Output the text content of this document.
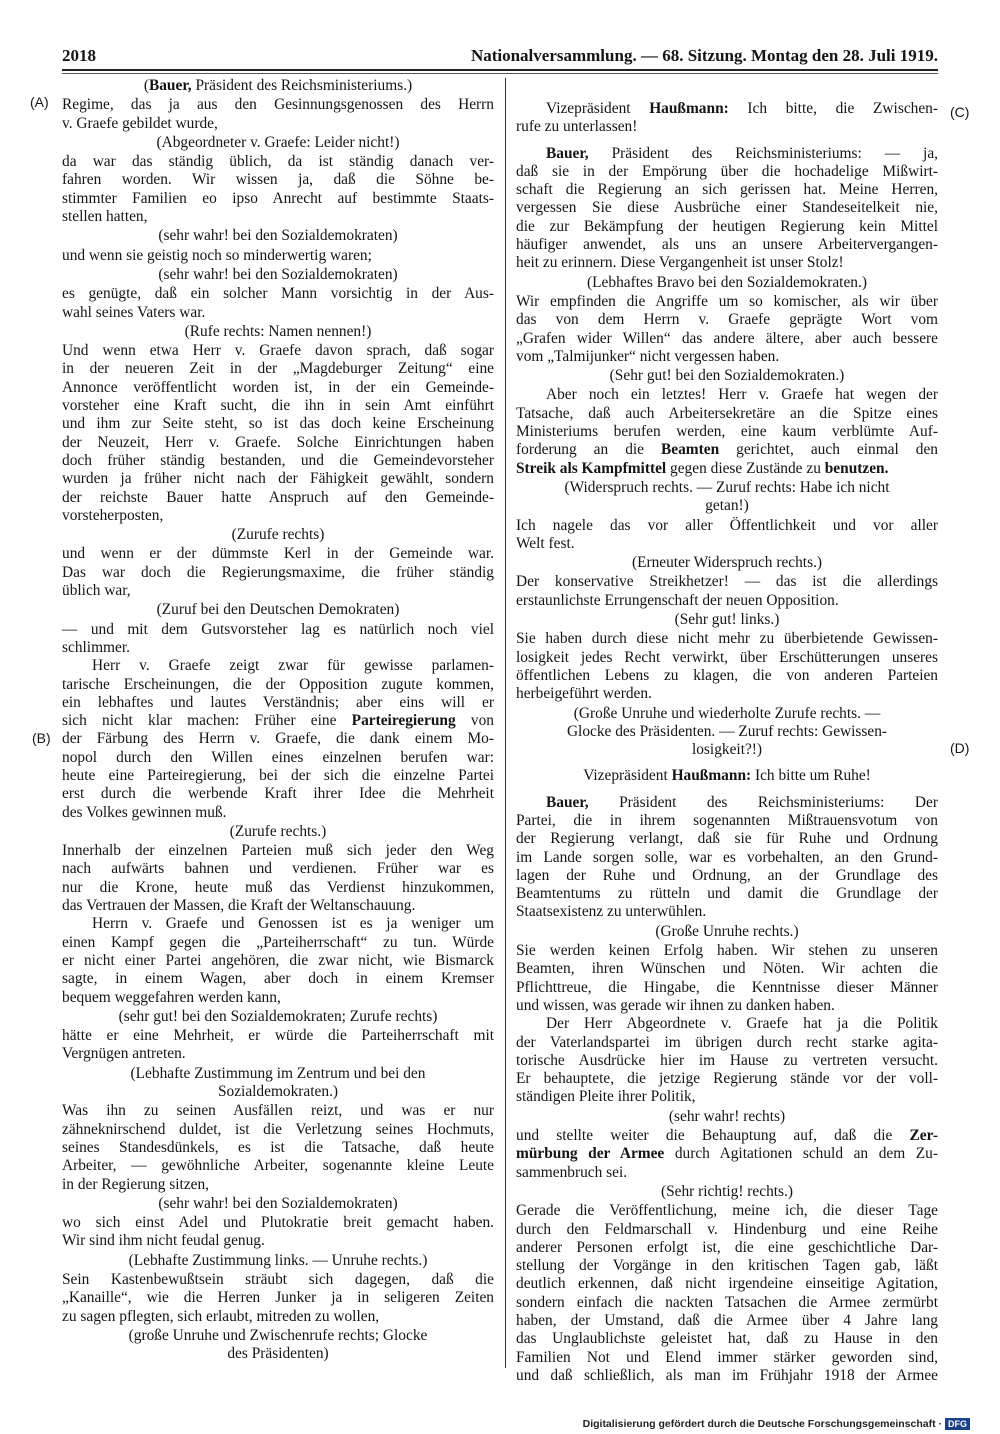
2018	Nationalversammlung. — 68. Sitzung. Montag den 28. Juli 1919.
(A)
(B)
(C)
(D)
(Bauer, Präsident des Reichsministeriums.)
Regime, das ja aus den Gesinnungsgenossen des Herrn
v. Graefe gebildet wurde,
(Abgeordneter v. Graefe: Leider nicht!)
da war das ständig üblich, da ist ständig danach ver-
fahren worden. Wir wissen ja, daß die Söhne be-
stimmter Familien eo ipso Anrecht auf bestimmte Staats-
stellen hatten,
(sehr wahr! bei den Sozialdemokraten)
und wenn sie geistig noch so minderwertig waren;
(sehr wahr! bei den Sozialdemokraten)
es genügte, daß ein solcher Mann vorsichtig in der Aus-
wahl seines Vaters war.
(Rufe rechts: Namen nennen!)
Und wenn etwa Herr v. Graefe davon sprach, daß sogar
in der neueren Zeit in der „Magdeburger Zeitung“ eine
Annonce veröffentlicht worden ist, in der ein Gemeinde-
vorsteher eine Kraft sucht, die ihn in sein Amt einführt
und ihm zur Seite steht, so ist das doch keine Erscheinung
der Neuzeit, Herr v. Graefe. Solche Einrichtungen haben
doch früher ständig bestanden, und die Gemeindevorsteher
wurden ja früher nicht nach der Fähigkeit gewählt, sondern
der reichste Bauer hatte Anspruch auf den Gemeinde-
vorsteherposten,
(Zurufe rechts)
und wenn er der dümmste Kerl in der Gemeinde war.
Das war doch die Regierungsmaxime, die früher ständig
üblich war,
(Zuruf bei den Deutschen Demokraten)
— und mit dem Gutsvorsteher lag es natürlich noch viel
schlimmer.
Herr v. Graefe zeigt zwar für gewisse parlamen-
tarische Erscheinungen, die der Opposition zugute kommen,
ein lebhaftes und lautes Verständnis; aber eins will er
sich nicht klar machen: Früher eine Parteiregierung von
der Färbung des Herrn v. Graefe, die dank einem Mo-
nopol durch den Willen eines einzelnen berufen war:
heute eine Parteiregierung, bei der sich die einzelne Partei
erst durch die werbende Kraft ihrer Idee die Mehrheit
des Volkes gewinnen muß.
(Zurufe rechts.)
Innerhalb der einzelnen Parteien muß sich jeder den Weg
nach aufwärts bahnen und verdienen. Früher war es
nur die Krone, heute muß das Verdienst hinzukommen,
das Vertrauen der Massen, die Kraft der Weltanschauung.
Herrn v. Graefe und Genossen ist es ja weniger um
einen Kampf gegen die „Parteiherrschaft“ zu tun. Würde
er nicht einer Partei angehören, die zwar nicht, wie Bismarck
sagte, in einem Wagen, aber doch in einem Kremser
bequem weggefahren werden kann,
(sehr gut! bei den Sozialdemokraten; Zurufe rechts)
hätte er eine Mehrheit, er würde die Parteiherrschaft mit
Vergnügen antreten.
(Lebhafte Zustimmung im Zentrum und bei den
Sozialdemokraten.)
Was ihn zu seinen Ausfällen reizt, und was er nur
zähneknirschend duldet, ist die Verletzung seines Hochmuts,
seines Standesdünkels, es ist die Tatsache, daß heute
Arbeiter, — gewöhnliche Arbeiter, sogenannte kleine Leute
in der Regierung sitzen,
(sehr wahr! bei den Sozialdemokraten)
wo sich einst Adel und Plutokratie breit gemacht haben.
Wir sind ihm nicht feudal genug.
(Lebhafte Zustimmung links. — Unruhe rechts.)
Sein Kastenbewußtsein sträubt sich dagegen, daß die
„Kanaille“, wie die Herren Junker ja in seligeren Zeiten
zu sagen pflegten, sich erlaubt, mitreden zu wollen,
(große Unruhe und Zwischenrufe rechts; Glocke
des Präsidenten)
Vizepräsident Haußmann: Ich bitte, die Zwischen-
rufe zu unterlassen!
Bauer, Präsident des Reichsministeriums: — ja,
daß sie in der Empörung über die hochadelige Mißwirt-
schaft die Regierung an sich gerissen hat. Meine Herren,
vergessen Sie diese Ausbrüche einer Standeseitelkeit nie,
die zur Bekämpfung der heutigen Regierung kein Mittel
häufiger anwendet, als uns an unsere Arbeitervergangen-
heit zu erinnern. Diese Vergangenheit ist unser Stolz!
(Lebhaftes Bravo bei den Sozialdemokraten.)
Wir empfinden die Angriffe um so komischer, als wir über
das von dem Herrn v. Graefe geprägte Wort vom
„Grafen wider Willen“ das andere ältere, aber auch bessere
vom „Talmijunker“ nicht vergessen haben.
(Sehr gut! bei den Sozialdemokraten.)
Aber noch ein letztes! Herr v. Graefe hat wegen der
Tatsache, daß auch Arbeitersekretäre an die Spitze eines
Ministeriums berufen werden, eine kaum verblümte Auf-
forderung an die Beamten gerichtet, auch einmal den
Streik als Kampfmittel gegen diese Zustände zu benutzen.
(Widerspruch rechts. — Zuruf rechts: Habe ich nicht
getan!)
Ich nagele das vor aller Öffentlichkeit und vor aller
Welt fest.
(Erneuter Widerspruch rechts.)
Der konservative Streikhetzer! — das ist die allerdings
erstaunlichste Errungenschaft der neuen Opposition.
(Sehr gut! links.)
Sie haben durch diese nicht mehr zu überbietende Gewissen-
losigkeit jedes Recht verwirkt, über Erschütterungen unseres
öffentlichen Lebens zu klagen, die von anderen Parteien
herbeigeführt werden.
(Große Unruhe und wiederholte Zurufe rechts. —
Glocke des Präsidenten. — Zuruf rechts: Gewissen-
losigkeit?!)
Vizepräsident Haußmann: Ich bitte um Ruhe!
Bauer, Präsident des Reichsministeriums: Der
Partei, die in ihrem sogenannten Mißtrauensvotum von
der Regierung verlangt, daß sie für Ruhe und Ordnung
im Lande sorgen solle, war es vorbehalten, an den Grund-
lagen der Ruhe und Ordnung, an der Grundlage des
Beamtentums zu rütteln und damit die Grundlage der
Staatsexistenz zu unterwühlen.
(Große Unruhe rechts.)
Sie werden keinen Erfolg haben. Wir stehen zu unseren
Beamten, ihren Wünschen und Nöten. Wir achten die
Pflichttreue, die Hingabe, die Kenntnisse dieser Männer
und wissen, was gerade wir ihnen zu danken haben.
Der Herr Abgeordnete v. Graefe hat ja die Politik
der Vaterlandspartei im übrigen durch recht starke agita-
torische Ausdrücke hier im Hause zu vertreten versucht.
Er behauptete, die jetzige Regierung stände vor der voll-
ständigen Pleite ihrer Politik,
(sehr wahr! rechts)
und stellte weiter die Behauptung auf, daß die Zer-
mürbung der Armee durch Agitationen schuld an dem Zu-
sammenbruch sei.
(Sehr richtig! rechts.)
Gerade die Veröffentlichung, meine ich, die dieser Tage
durch den Feldmarschall v. Hindenburg und eine Reihe
anderer Personen erfolgt ist, die eine geschichtliche Dar-
stellung der Vorgänge in den kritischen Tagen gab, läßt
deutlich erkennen, daß nicht irgendeine einseitige Agitation,
sondern einfach die nackten Tatsachen die Armee zermürbt
haben, der Umstand, daß die Armee über 4 Jahre lang
das Unglaublichste geleistet hat, daß zu Hause in den
Familien Not und Elend immer stärker geworden sind,
und daß schließlich, als man im Frühjahr 1918 der Armee
Digitalisierung gefördert durch die Deutsche Forschungsgemeinschaft · DFG
